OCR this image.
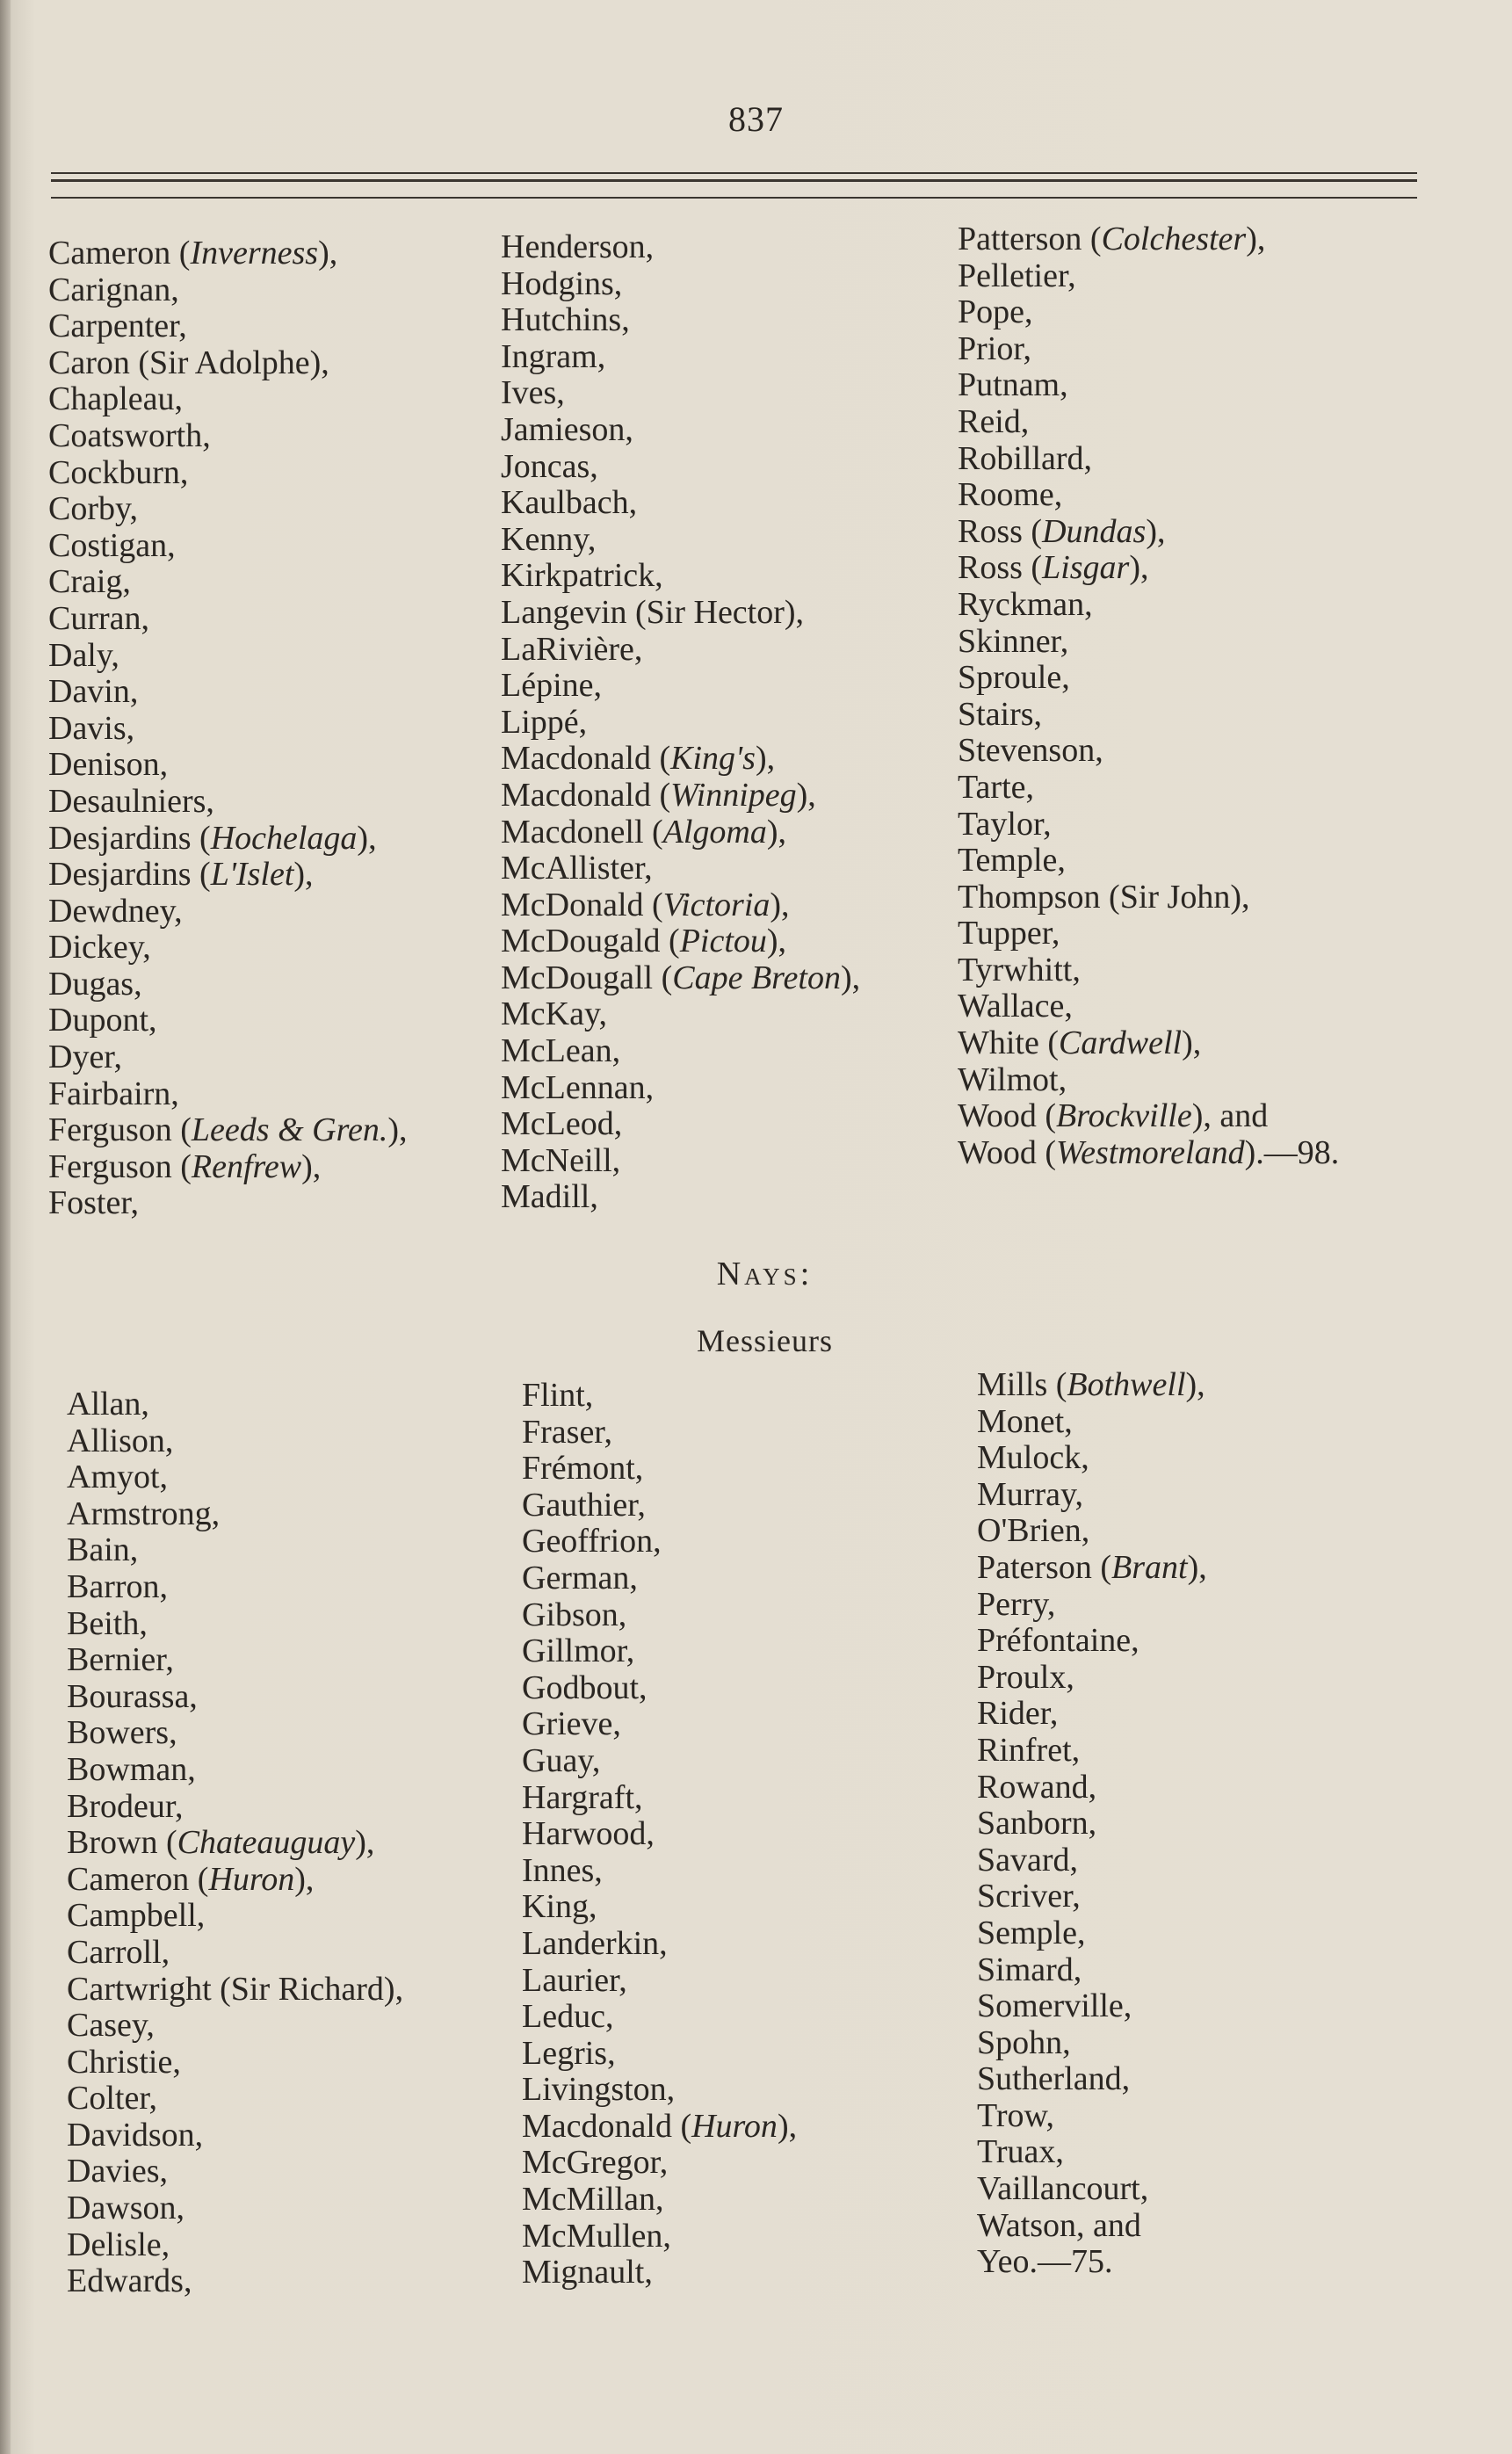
837
Cameron (Inverness),
Carignan,
Carpenter,
Caron (Sir Adolphe),
Chapleau,
Coatsworth,
Cockburn,
Corby,
Costigan,
Craig,
Curran,
Daly,
Davin,
Davis,
Denison,
Desaulniers,
Desjardins (Hochelaga),
Desjardins (L'Islet),
Dewdney,
Dickey,
Dugas,
Dupont,
Dyer,
Fairbairn,
Ferguson (Leeds & Gren.),
Ferguson (Renfrew),
Foster,
Henderson,
Hodgins,
Hutchins,
Ingram,
Ives,
Jamieson,
Joncas,
Kaulbach,
Kenny,
Kirkpatrick,
Langevin (Sir Hector),
LaRivière,
Lépine,
Lippé,
Macdonald (King's),
Macdonald (Winnipeg),
Macdonell (Algoma),
McAllister,
McDonald (Victoria),
McDougald (Pictou),
McDougall (Cape Breton),
McKay,
McLean,
McLennan,
McLeod,
McNeill,
Madill,
Patterson (Colchester),
Pelletier,
Pope,
Prior,
Putnam,
Reid,
Robillard,
Roome,
Ross (Dundas),
Ross (Lisgar),
Ryckman,
Skinner,
Sproule,
Stairs,
Stevenson,
Tarte,
Taylor,
Temple,
Thompson (Sir John),
Tupper,
Tyrwhitt,
Wallace,
White (Cardwell),
Wilmot,
Wood (Brockville), and
Wood (Westmoreland).—98.
Nays:
Messieurs
Allan,
Allison,
Amyot,
Armstrong,
Bain,
Barron,
Beith,
Bernier,
Bourassa,
Bowers,
Bowman,
Brodeur,
Brown (Chateauguay),
Cameron (Huron),
Campbell,
Carroll,
Cartwright (Sir Richard),
Casey,
Christie,
Colter,
Davidson,
Davies,
Dawson,
Delisle,
Edwards,
Flint,
Fraser,
Frémont,
Gauthier,
Geoffrion,
German,
Gibson,
Gillmor,
Godbout,
Grieve,
Guay,
Hargraft,
Harwood,
Innes,
King,
Landerkin,
Laurier,
Leduc,
Legris,
Livingston,
Macdonald (Huron),
McGregor,
McMillan,
McMullen,
Mignault,
Mills (Bothwell),
Monet,
Mulock,
Murray,
O'Brien,
Paterson (Brant),
Perry,
Préfontaine,
Proulx,
Rider,
Rinfret,
Rowand,
Sanborn,
Savard,
Scriver,
Semple,
Simard,
Somerville,
Spohn,
Sutherland,
Trow,
Truax,
Vaillancourt,
Watson, and
Yeo.—75.
